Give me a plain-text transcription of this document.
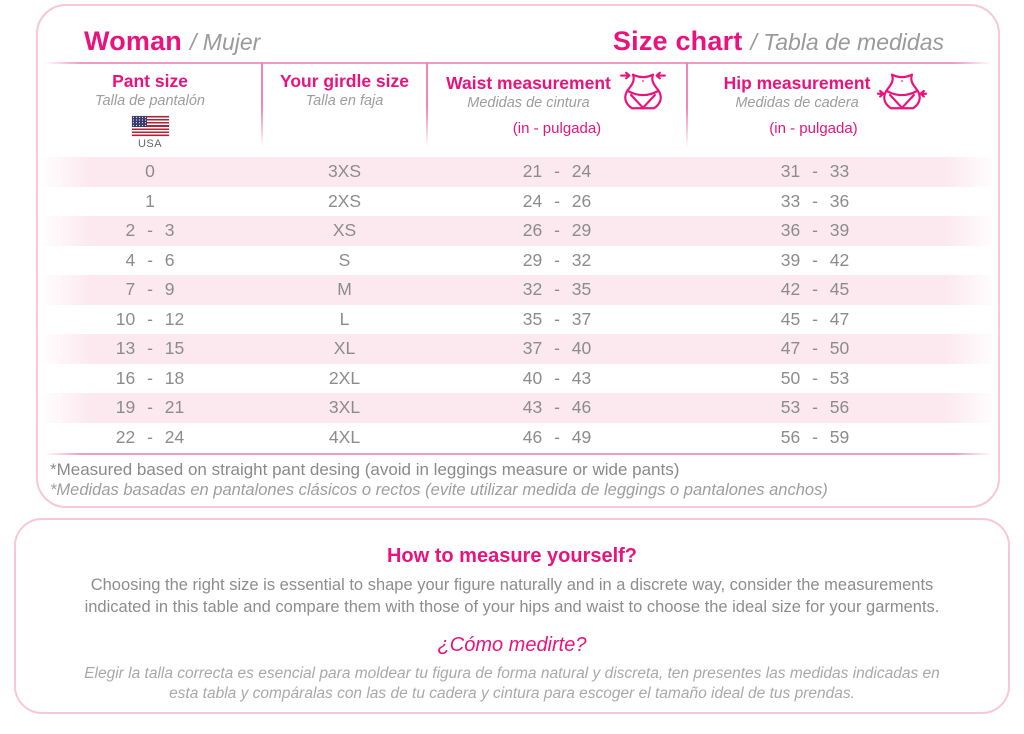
Woman / Mujer	Size chart / Tabla de medidas
Pant size
Talla de pantalón
USA
Your girdle size
Talla en faja
Waist measurement
Medidas de cintura
(in - pulgada)
Hip measurement
Medidas de cadera
(in - pulgada)
0	3XS	21 - 24	31 - 33
1	2XS	24 - 26	33 - 36
2 - 3	XS	26 - 29	36 - 39
4 - 6	S	29 - 32	39 - 42
7 - 9	M	32 - 35	42 - 45
10 - 12	L	35 - 37	45 - 47
13 - 15	XL	37 - 40	47 - 50
16 - 18	2XL	40 - 43	50 - 53
19 - 21	3XL	43 - 46	53 - 56
22 - 24	4XL	46 - 49	56 - 59
*Measured based on straight pant desing (avoid in leggings measure or wide pants)
*Medidas basadas en pantalones clásicos o rectos (evite utilizar medida de leggings o pantalones anchos)
How to measure yourself?
Choosing the right size is essential to shape your figure naturally and in a discrete way, consider the measurements indicated in this table and compare them with those of your hips and waist to choose the ideal size for your garments.
¿Cómo medirte?
Elegir la talla correcta es esencial para moldear tu figura de forma natural y discreta, ten presentes las medidas indicadas en esta tabla y compáralas con las de tu cadera y cintura para escoger el tamaño ideal de tus prendas.
